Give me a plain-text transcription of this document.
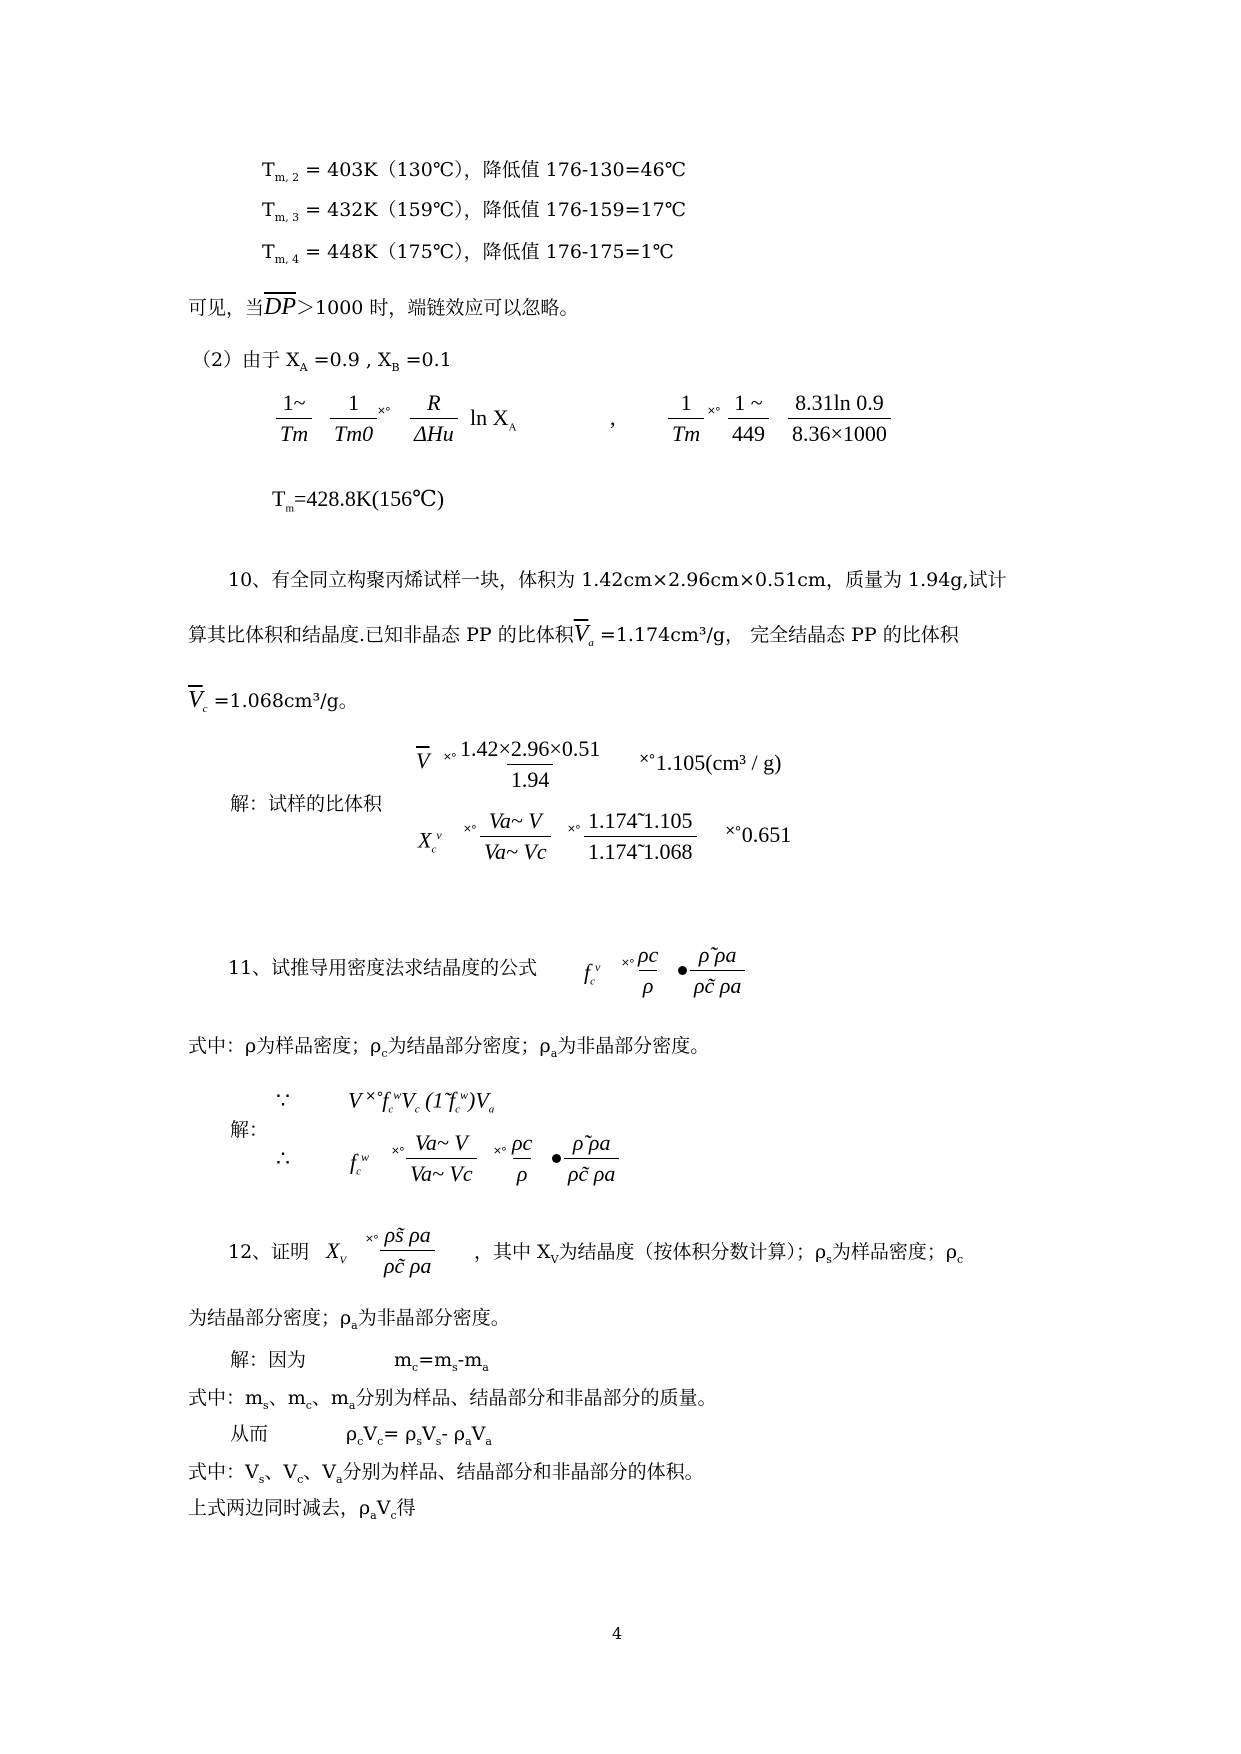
$T_{m, 2}$ = 403K（130℃），降低值 176-130=46℃
$T_{m, 3}$ = 432K（159℃），降低值 176-159=17℃
$T_{m, 4}$ = 448K（175℃），降低值 176-175=1℃
可见，当$\overline{DP}>1000$ 时，端链效应可以忽略。
（2）由于 $X_A =0.9$ , $X_B =0.1$
$\frac{1\sim}{Tm} \frac{1}{Tm0}$ ˟˚ R
ΔHu
$\ln X_A$	, $\frac{1}{Tm}$ ˟˚ $\frac{1 \sim}{449} \frac{8.31\ln 0.9}{8.36\times 1000}$
$T_m=428.8K(156℃)$
10、有全同立构聚丙烯试样一块，体积为 1.42cm×2.96cm×0.51cm，质量为 1.94g,试计
算其比体积和结晶度.已知非晶态 PP 的比体积$\overline{V}_a =1.174cm^3/g$， 完全结晶态 PP 的比体积
$\overline{V}_c =1.068cm^3/g$。
$\overline{V}$ ˟˚ $\frac{1.42\times 2.96\times 0.51}{1.94}$ ˟˚1.105(cm³ / g)
解：试样的比体积
$X_c^v$ ˟˚ $\frac{Va\sim V}{Va\sim Vc}$ ˟˚ $\frac{1.174̃ 1.105}{1.174̃ 1.068}$ ˟˚0.651
11、试推导用密度法求结晶度的公式 $f_c^v$ ˟˚ $\frac{\rho c}{\rho} \frac{\rhõ \rho a}{\rho c̃ \rho a}$
式中：ρ为样品密度；$\rho_c$为结晶部分密度；$\rho_a$为非晶部分密度。
∵	V $˟˚f_c^wV_c$ (1̃ $f_c^w)V_a$
解：
∴	$f_c^w$ ˟˚ $\frac{Va\sim V}{Va\sim Vc}$ ˟˚ $\frac{\rho c}{\rho} \frac{\rhõ \rho a}{\rho c̃ \rho a}$
12、证明 $X_V$
˟˚ $\frac{\rho s̃ \rho a}{\rho c̃ \rho a}$ ，其中 $X_V$为结晶度（按体积分数计算）；$\rho_s$为样品密度；$\rho_c$
为结晶部分密度；$\rho_a$为非晶部分密度。
解：因为	$m_c=m_s-m_a$
式中：$m_s$、$m_c$、$m_a$分别为样品、结晶部分和非晶部分的质量。
从而	$\rho_cV_c= \rho_sV_s-$ $\rho_aV_a$
式中：$V_s$、$V_c$、$V_a$分别为样品、结晶部分和非晶部分的体积。
上式两边同时减去，$\rho_aV_c$得
4
